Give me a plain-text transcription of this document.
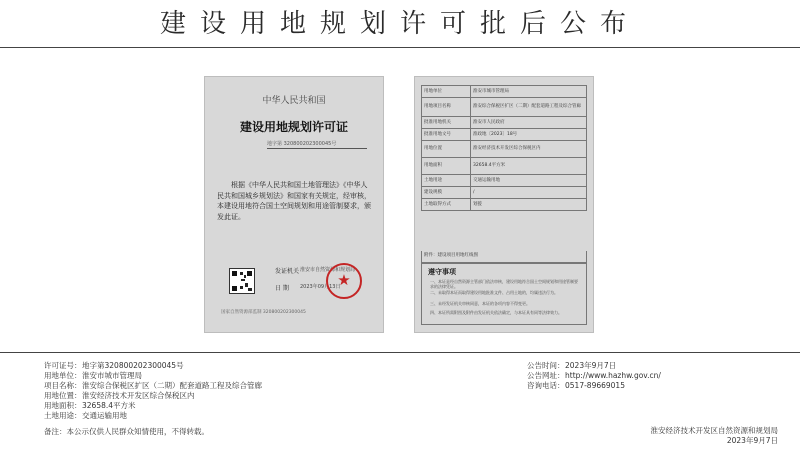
建设用地规划许可批后公布
中华人民共和国
建设用地规划许可证
地字第 320800202300045号
根据《中华人民共和国土地管理法》《中华人民共和国城乡规划法》和国家有关规定，经审核，本建设用地符合国土空间规划和用途管制要求，颁发此证。
发证机关 淮安市自然资源和规划局
日 期 2023年09月13日
★
国家自然资源部监制 320800202300045
用地单位	淮安市城市管理局
用地项目名称	淮安综合保税区扩区（二期）配套道路工程及综合管廊
批准用地机关	淮安市人民政府
批准用地文号	淮政地〔2023〕18号
用地位置	淮安经济技术开发区综合保税区内
用地面积	32658.4平方米
土地用途	交通运输用地
建设规模	/
土地取得方式	划拨
附件：建设项目用地红线图
遵守事项
一、本证是经自然资源主管部门依法审核，建设用地符合国土空间规划和用途管制要求的法律凭证。
二、未取得本证而取得建设用地批准文件、占用土地的，均属违法行为。
三、未经发证机关审核同意，本证的各项内容不得变更。
四、本证所需附图及附件由发证机关依法确定，与本证具有同等法律效力。
许可证号：地字第320800202300045号
用地单位：淮安市城市管理局
项目名称：淮安综合保税区扩区（二期）配套道路工程及综合管廊
用地位置：淮安经济技术开发区综合保税区内
用地面积：32658.4平方米
土地用途：交通运输用地
公告时间：2023年9月7日
公告网址：http://www.hazhw.gov.cn/
咨询电话：0517-89669015
备注：本公示仅供人民群众知情使用，不得转载。	淮安经济技术开发区自然资源和规划局
2023年9月7日
